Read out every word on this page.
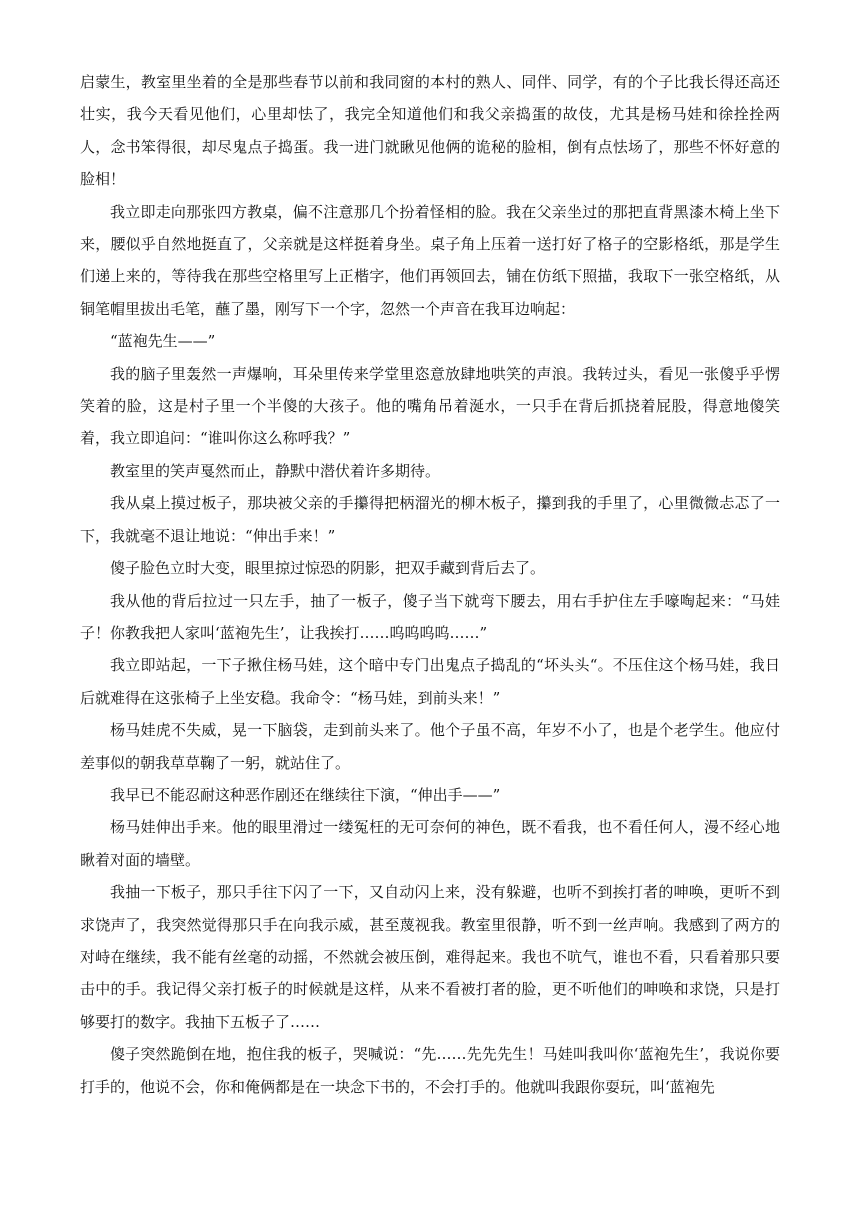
启蒙生，教室里坐着的全是那些春节以前和我同窗的本村的熟人、同伴、同学，有的个子比我长得还高还壮实，我今天看见他们，心里却怯了，我完全知道他们和我父亲捣蛋的故伎，尤其是杨马娃和徐拴拴两人，念书笨得很，却尽鬼点子捣蛋。我一进门就瞅见他俩的诡秘的脸相，倒有点怯场了，那些不怀好意的脸相！

我立即走向那张四方教桌，偏不注意那几个扮着怪相的脸。我在父亲坐过的那把直背黑漆木椅上坐下来，腰似乎自然地挺直了，父亲就是这样挺着身坐。桌子角上压着一送打好了格子的空影格纸，那是学生们递上来的，等待我在那些空格里写上正楷字，他们再领回去，铺在仿纸下照描，我取下一张空格纸，从铜笔帽里拔出毛笔，蘸了墨，刚写下一个字，忽然一个声音在我耳边响起：

“蓝袍先生——”

我的脑子里轰然一声爆响，耳朵里传来学堂里恣意放肆地哄笑的声浪。我转过头，看见一张傻乎乎愣笑着的脸，这是村子里一个半傻的大孩子。他的嘴角吊着涎水，一只手在背后抓挠着屁股，得意地傻笑着，我立即追问：“谁叫你这么称呼我？”

教室里的笑声戛然而止，静默中潜伏着许多期待。

我从桌上摸过板子，那块被父亲的手攥得把柄溜光的柳木板子，攥到我的手里了，心里微微忐忑了一下，我就毫不退让地说：“伸出手来！”

傻子脸色立时大变，眼里掠过惊恐的阴影，把双手藏到背后去了。

我从他的背后拉过一只左手，抽了一板子，傻子当下就弯下腰去，用右手护住左手嚎啕起来：“马娃子！你教我把人家叫‘蓝袍先生’，让我挨打……呜呜呜呜……”

我立即站起，一下子揪住杨马娃，这个暗中专门出鬼点子捣乱的“坏头头“。不压住这个杨马娃，我日后就难得在这张椅子上坐安稳。我命令：“杨马娃，到前头来！”

杨马娃虎不失威，晃一下脑袋，走到前头来了。他个子虽不高，年岁不小了，也是个老学生。他应付差事似的朝我草草鞠了一躬，就站住了。

我早已不能忍耐这种恶作剧还在继续往下演，“伸出手——”

杨马娃伸出手来。他的眼里滑过一缕冤枉的无可奈何的神色，既不看我，也不看任何人，漫不经心地瞅着对面的墙壁。

我抽一下板子，那只手往下闪了一下，又自动闪上来，没有躲避，也听不到挨打者的呻唤，更听不到求饶声了，我突然觉得那只手在向我示威，甚至蔑视我。教室里很静，听不到一丝声响。我感到了两方的对峙在继续，我不能有丝毫的动摇，不然就会被压倒，难得起来。我也不吭气，谁也不看，只看着那只要击中的手。我记得父亲打板子的时候就是这样，从来不看被打者的脸，更不听他们的呻唤和求饶，只是打够要打的数字。我抽下五板子了……

傻子突然跪倒在地，抱住我的板子，哭喊说：“先……先先先生！马娃叫我叫你‘蓝袍先生’，我说你要打手的，他说不会，你和俺俩都是在一块念下书的，不会打手的。他就叫我跟你耍玩，叫‘蓝袍先
